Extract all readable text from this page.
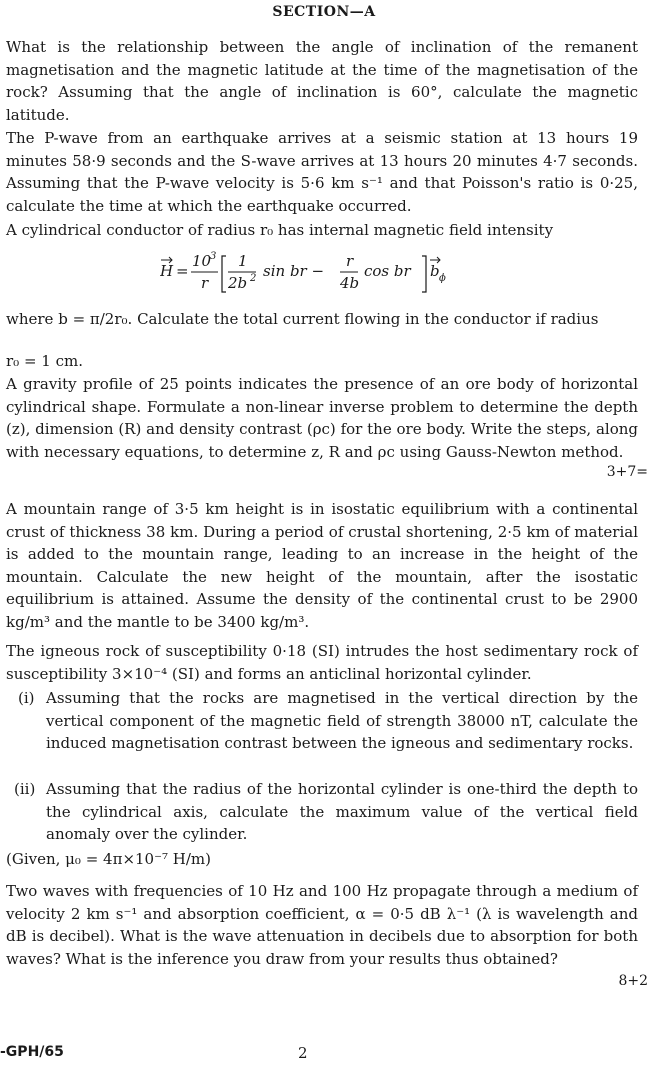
SECTION—A
What is the relationship between the angle of inclination of the remanent magnetisation and the magnetic latitude at the time of the magnetisation of the rock? Assuming that the angle of inclination is 60°, calculate the magnetic latitude.
The P-wave from an earthquake arrives at a seismic station at 13 hours 19 minutes 58·9 seconds and the S-wave arrives at 13 hours 20 minutes 4·7 seconds. Assuming that the P-wave velocity is 5·6 km s⁻¹ and that Poisson's ratio is 0·25, calculate the time at which the earthquake occurred.
A cylindrical conductor of radius r₀ has internal magnetic field intensity
H =
10
3
r
1
2b 2 sin br −
r
4b
cos br b ϕ
where b = π/2r₀. Calculate the total current flowing in the conductor if radius
r₀ = 1 cm.
A gravity profile of 25 points indicates the presence of an ore body of horizontal cylindrical shape. Formulate a non-linear inverse problem to determine the depth (z), dimension (R) and density contrast (ρc) for the ore body. Write the steps, along with necessary equations, to determine z, R and ρc using Gauss-Newton method.
3+7=
A mountain range of 3·5 km height is in isostatic equilibrium with a continental crust of thickness 38 km. During a period of crustal shortening, 2·5 km of material is added to the mountain range, leading to an increase in the height of the mountain. Calculate the new height of the mountain, after the isostatic equilibrium is attained. Assume the density of the continental crust to be 2900 kg/m³ and the mantle to be 3400 kg/m³.
The igneous rock of susceptibility 0·18 (SI) intrudes the host sedimentary rock of susceptibility 3×10⁻⁴ (SI) and forms an anticlinal horizontal cylinder.
(i) Assuming that the rocks are magnetised in the vertical direction by the vertical component of the magnetic field of strength 38000 nT, calculate the induced magnetisation contrast between the igneous and sedimentary rocks.
(ii) Assuming that the radius of the horizontal cylinder is one-third the depth to the cylindrical axis, calculate the maximum value of the vertical field anomaly over the cylinder.
(Given, μ₀ = 4π×10⁻⁷ H/m)
Two waves with frequencies of 10 Hz and 100 Hz propagate through a medium of velocity 2 km s⁻¹ and absorption coefficient, α = 0·5 dB λ⁻¹ (λ is wavelength and dB is decibel). What is the wave attenuation in decibels due to absorption for both waves? What is the inference you draw from your results thus obtained?
8+2
-GPH/65	2
